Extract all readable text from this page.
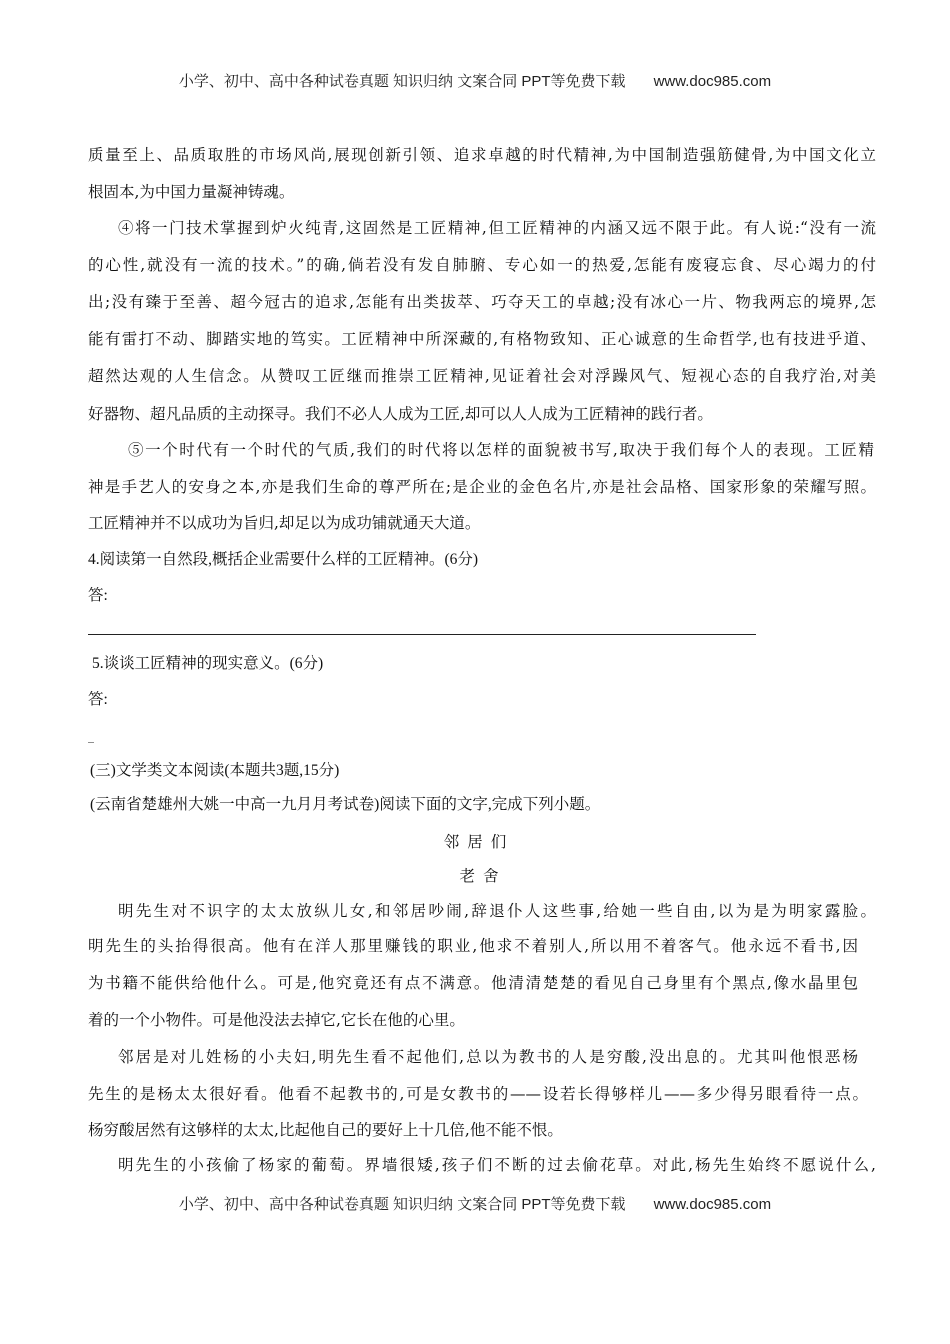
小学、初中、高中各种试卷真题 知识归纳 文案合同 PPT等免费下载 www.doc985.com
质量至上、品质取胜的市场风尚,展现创新引领、追求卓越的时代精神,为中国制造强筋健骨,为中国文化立
根固本,为中国力量凝神铸魂。
④将一门技术掌握到炉火纯青,这固然是工匠精神,但工匠精神的内涵又远不限于此。有人说:“没有一流
的心性,就没有一流的技术。”的确,倘若没有发自肺腑、专心如一的热爱,怎能有废寝忘食、尽心竭力的付
出;没有臻于至善、超今冠古的追求,怎能有出类拔萃、巧夺天工的卓越;没有冰心一片、物我两忘的境界,怎
能有雷打不动、脚踏实地的笃实。工匠精神中所深藏的,有格物致知、正心诚意的生命哲学,也有技进乎道、
超然达观的人生信念。从赞叹工匠继而推崇工匠精神,见证着社会对浮躁风气、短视心态的自我疗治,对美
好器物、超凡品质的主动探寻。我们不必人人成为工匠,却可以人人成为工匠精神的践行者。
⑤一个时代有一个时代的气质,我们的时代将以怎样的面貌被书写,取决于我们每个人的表现。工匠精
神是手艺人的安身之本,亦是我们生命的尊严所在;是企业的金色名片,亦是社会品格、国家形象的荣耀写照。
工匠精神并不以成功为旨归,却足以为成功铺就通天大道。
4.阅读第一自然段,概括企业需要什么样的工匠精神。(6分)
答:
5.谈谈工匠精神的现实意义。(6分)
答:
_
(三)文学类文本阅读(本题共3题,15分)
(云南省楚雄州大姚一中高一九月月考试卷)阅读下面的文字,完成下列小题。
邻居们
老舍
明先生对不识字的太太放纵儿女,和邻居吵闹,辞退仆人这些事,给她一些自由,以为是为明家露脸。
明先生的头抬得很高。他有在洋人那里赚钱的职业,他求不着别人,所以用不着客气。他永远不看书,因
为书籍不能供给他什么。可是,他究竟还有点不满意。他清清楚楚的看见自己身里有个黑点,像水晶里包
着的一个小物件。可是他没法去掉它,它长在他的心里。
邻居是对儿姓杨的小夫妇,明先生看不起他们,总以为教书的人是穷酸,没出息的。尤其叫他恨恶杨
先生的是杨太太很好看。他看不起教书的,可是女教书的——设若长得够样儿——多少得另眼看待一点。
杨穷酸居然有这够样的太太,比起他自己的要好上十几倍,他不能不恨。
明先生的小孩偷了杨家的葡萄。界墙很矮,孩子们不断的过去偷花草。对此,杨先生始终不愿说什么,
小学、初中、高中各种试卷真题 知识归纳 文案合同 PPT等免费下载 www.doc985.com
